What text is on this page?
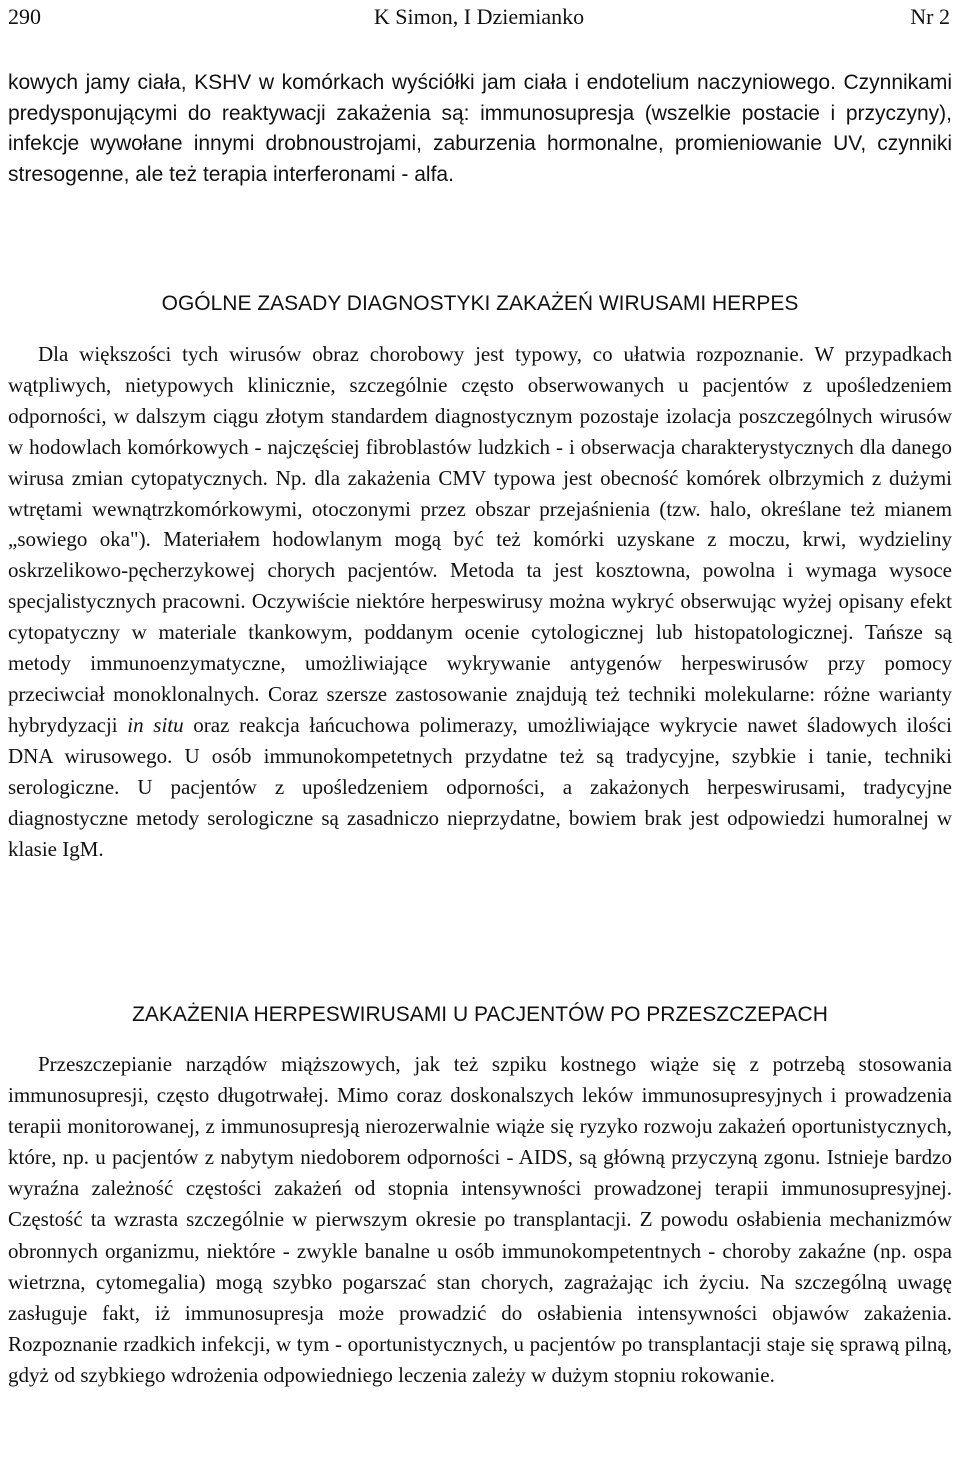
290	K Simon, I Dziemianko	Nr 2

kowych jamy ciała, KSHV w komórkach wyściółki jam ciała i endotelium naczyniowego. Czynnikami predysponującymi do reaktywacji zakażenia są: immunosupresja (wszelkie postacie i przyczyny), infekcje wywołane innymi drobnoustrojami, zaburzenia hormonalne, promieniowanie UV, czynniki stresogenne, ale też terapia interferonami - alfa.

OGÓLNE ZASADY DIAGNOSTYKI ZAKAŻEŃ WIRUSAMI HERPES

Dla większości tych wirusów obraz chorobowy jest typowy, co ułatwia rozpoznanie. W przypadkach wątpliwych, nietypowych klinicznie, szczególnie często obserwowanych u pacjentów z upośledzeniem odporności, w dalszym ciągu złotym standardem diagnostycznym pozostaje izolacja poszczególnych wirusów w hodowlach komórkowych - najczęściej fibroblastów ludzkich - i obserwacja charakterystycznych dla danego wirusa zmian cytopatycznych. Np. dla zakażenia CMV typowa jest obecność komórek olbrzymich z dużymi wtrętami wewnątrzkomórkowymi, otoczonymi przez obszar przejaśnienia (tzw. halo, określane też mianem „sowiego oka"). Materiałem hodowlanym mogą być też komórki uzyskane z moczu, krwi, wydzieliny oskrzelikowo-pęcherzykowej chorych pacjentów. Metoda ta jest kosztowna, powolna i wymaga wysoce specjalistycznych pracowni. Oczywiście niektóre herpeswirusy można wykryć obserwując wyżej opisany efekt cytopatyczny w materiale tkankowym, poddanym ocenie cytologicznej lub histopatologicznej. Tańsze są metody immunoenzymatyczne, umożliwiające wykrywanie antygenów herpeswirusów przy pomocy przeciwciał monoklonalnych. Coraz szersze zastosowanie znajdują też techniki molekularne: różne warianty hybrydyzacji in situ oraz reakcja łańcuchowa polimerazy, umożliwiające wykrycie nawet śladowych ilości DNA wirusowego. U osób immunokompetetnych przydatne też są tradycyjne, szybkie i tanie, techniki serologiczne. U pacjentów z upośledzeniem odporności, a zakażonych herpeswirusami, tradycyjne diagnostyczne metody serologiczne są zasadniczo nieprzydatne, bowiem brak jest odpowiedzi humoralnej w klasie IgM.

ZAKAŻENIA HERPESWIRUSAMI U PACJENTÓW PO PRZESZCZEPACH

Przeszczepianie narządów miąższowych, jak też szpiku kostnego wiąże się z potrzebą stosowania immunosupresji, często długotrwałej. Mimo coraz doskonalszych leków immunosupresyjnych i prowadzenia terapii monitorowanej, z immunosupresją nierozerwalnie wiąże się ryzyko rozwoju zakażeń oportunistycznych, które, np. u pacjentów z nabytym niedoborem odporności - AIDS, są główną przyczyną zgonu. Istnieje bardzo wyraźna zależność częstości zakażeń od stopnia intensywności prowadzonej terapii immunosupresyjnej. Częstość ta wzrasta szczególnie w pierwszym okresie po transplantacji. Z powodu osłabienia mechanizmów obronnych organizmu, niektóre - zwykle banalne u osób immunokompetentnych - choroby zakaźne (np. ospa wietrzna, cytomegalia) mogą szybko pogarszać stan chorych, zagrażając ich życiu. Na szczególną uwagę zasługuje fakt, iż immunosupresja może prowadzić do osłabienia intensywności objawów zakażenia. Rozpoznanie rzadkich infekcji, w tym - oportunistycznych, u pacjentów po transplantacji staje się sprawą pilną, gdyż od szybkiego wdrożenia odpowiedniego leczenia zależy w dużym stopniu rokowanie.
